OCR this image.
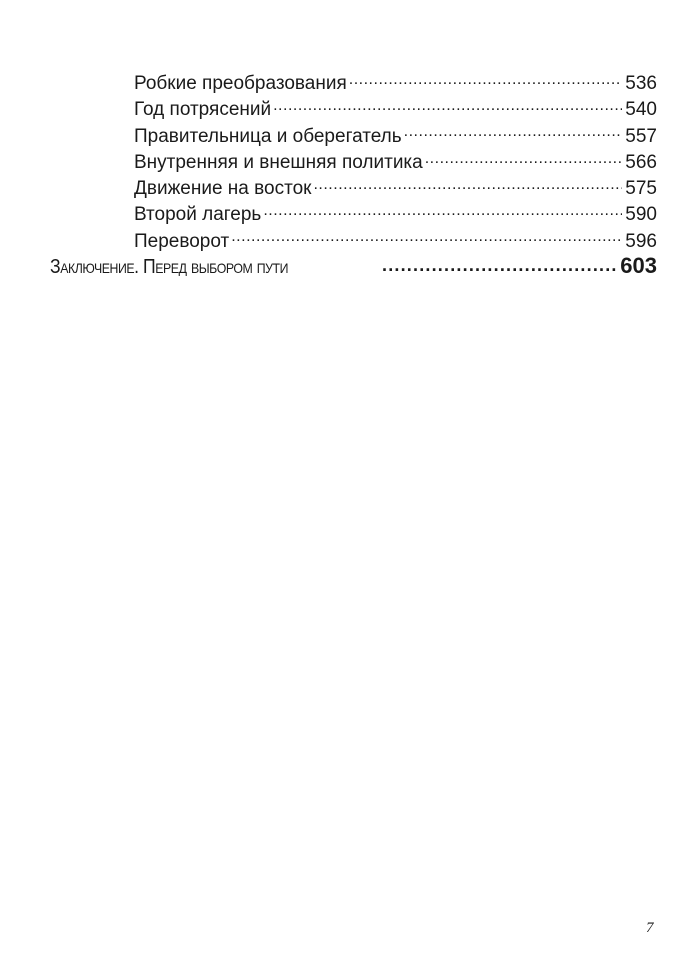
Робкие преобразования .....	536
Год потрясений .....	540
Правительница и оберегатель .....	557
Внутренняя и внешняя политика .....	566
Движение на восток .....	575
Второй лагерь .....	590
Переворот .....	596
Заключение. Перед выбором пути .....	603
7
